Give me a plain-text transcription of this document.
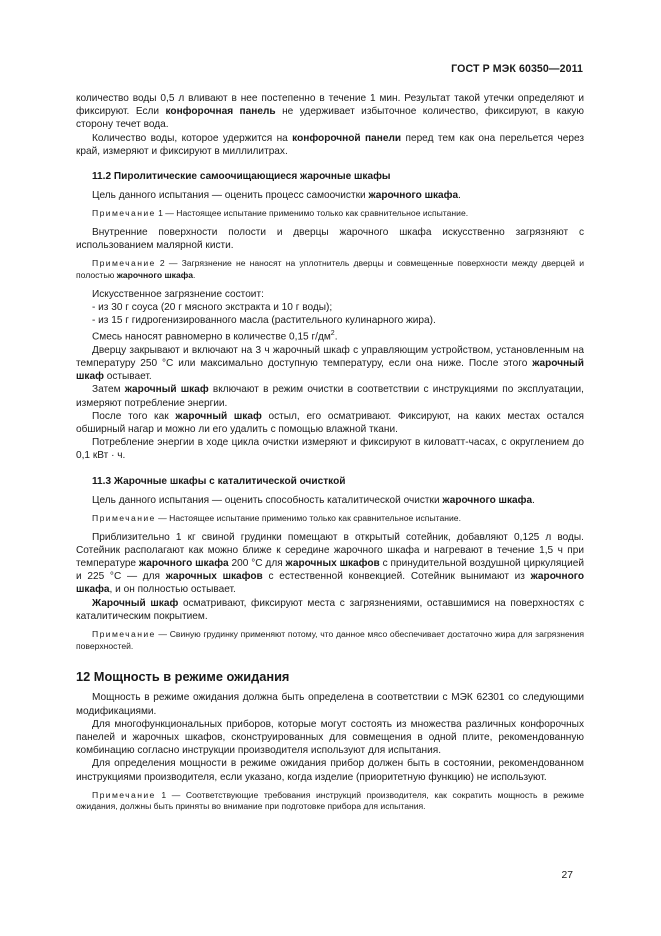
ГОСТ Р МЭК 60350—2011

количество воды 0,5 л вливают в нее постепенно в течение 1 мин. Результат такой утечки определяют и фиксируют. Если конфорочная панель не удерживает избыточное количество, фиксируют, в какую сторону течет вода.

Количество воды, которое удержится на конфорочной панели перед тем как она перельется через край, измеряют и фиксируют в миллилитрах.

11.2 Пиролитические самоочищающиеся жарочные шкафы

Цель данного испытания — оценить процесс самоочистки жарочного шкафа.

Примечание 1 — Настоящее испытание применимо только как сравнительное испытание.

Внутренние поверхности полости и дверцы жарочного шкафа искусственно загрязняют с использованием малярной кисти.

Примечание 2 — Загрязнение не наносят на уплотнитель дверцы и совмещенные поверхности между дверцей и полостью жарочного шкафа.

Искусственное загрязнение состоит:

- из 30 г соуса (20 г мясного экстракта и 10 г воды);

- из 15 г гидрогенизированного масла (растительного кулинарного жира).

Смесь наносят равномерно в количестве 0,15 $г/дм^2$.

Дверцу закрывают и включают на 3 ч жарочный шкаф с управляющим устройством, установленным на температуру 250 °С или максимально доступную температуру, если она ниже. После этого жарочный шкаф остывает.

Затем жарочный шкаф включают в режим очистки в соответствии с инструкциями по эксплуатации, измеряют потребление энергии.

После того как жарочный шкаф остыл, его осматривают. Фиксируют, на каких местах остался обширный нагар и можно ли его удалить с помощью влажной ткани.

Потребление энергии в ходе цикла очистки измеряют и фиксируют в киловатт-часах, с округлением до 0,1 кВт · ч.

11.3 Жарочные шкафы с каталитической очисткой

Цель данного испытания — оценить способность каталитической очистки жарочного шкафа.

Примечание — Настоящее испытание применимо только как сравнительное испытание.

Приблизительно 1 кг свиной грудинки помещают в открытый сотейник, добавляют 0,125 л воды. Сотейник располагают как можно ближе к середине жарочного шкафа и нагревают в течение 1,5 ч при температуре жарочного шкафа 200 °С для жарочных шкафов с принудительной воздушной циркуляцией и 225 °С — для жарочных шкафов с естественной конвекцией. Сотейник вынимают из жарочного шкафа, и он полностью остывает.

Жарочный шкаф осматривают, фиксируют места с загрязнениями, оставшимися на поверхностях с каталитическим покрытием.

Примечание — Свиную грудинку применяют потому, что данное мясо обеспечивает достаточно жира для загрязнения поверхностей.

12 Мощность в режиме ожидания

Мощность в режиме ожидания должна быть определена в соответствии с МЭК 62301 со следующими модификациями.

Для многофункциональных приборов, которые могут состоять из множества различных конфорочных панелей и жарочных шкафов, сконструированных для совмещения в одной плите, рекомендованную комбинацию согласно инструкции производителя используют для испытания.

Для определения мощности в режиме ожидания прибор должен быть в состоянии, рекомендованном инструкциями производителя, если указано, когда изделие (приоритетную функцию) не используют.

Примечание 1 — Соответствующие требования инструкций производителя, как сократить мощность в режиме ожидания, должны быть приняты во внимание при подготовке прибора для испытания.

27
